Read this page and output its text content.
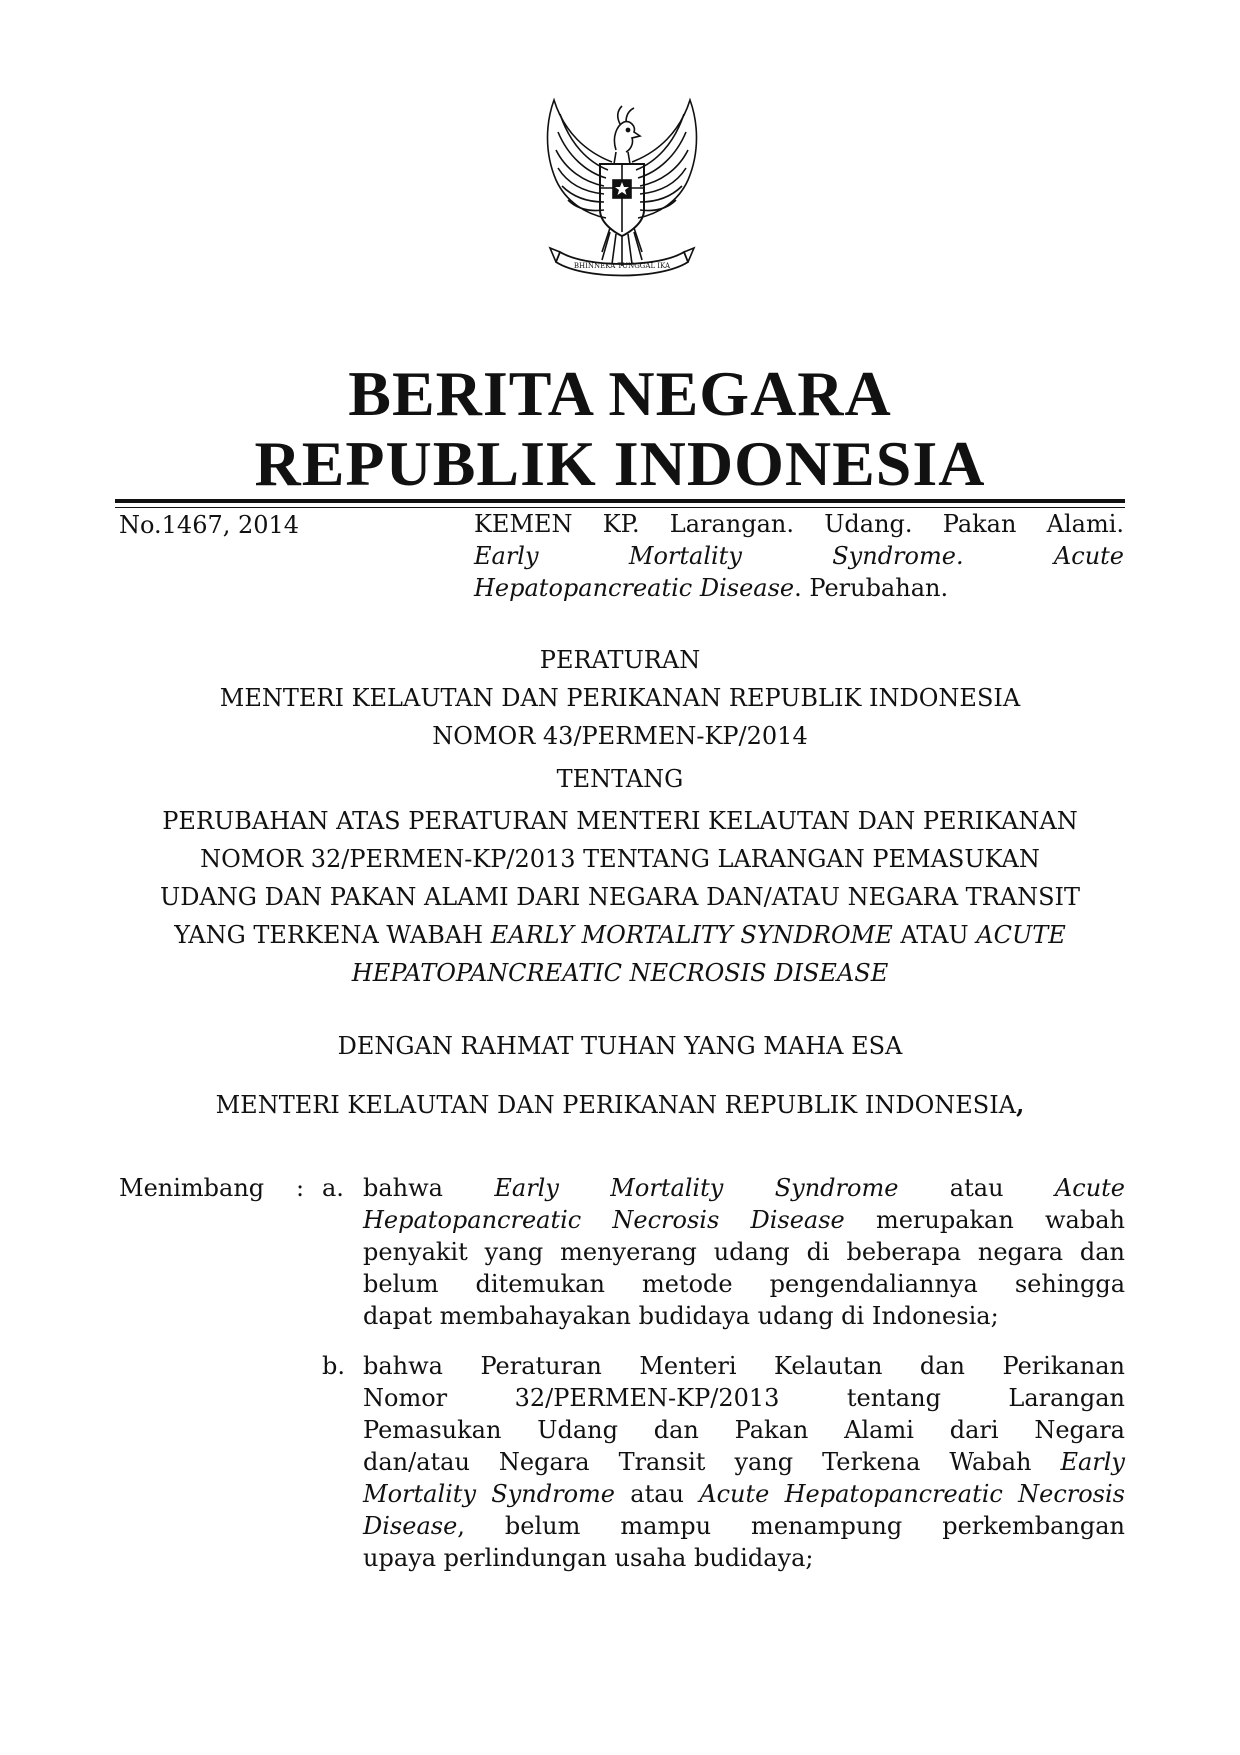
BHINNEKA TUNGGAL IKA
BERITA NEGARA
REPUBLIK INDONESIA
No.1467, 2014	KEMEN KP. Larangan. Udang. Pakan Alami.
Early Mortality Syndrome. Acute
Hepatopancreatic Disease. Perubahan.
PERATURAN
MENTERI KELAUTAN DAN PERIKANAN REPUBLIK INDONESIA
NOMOR 43/PERMEN-KP/2014
TENTANG
PERUBAHAN ATAS PERATURAN MENTERI KELAUTAN DAN PERIKANAN
NOMOR 32/PERMEN-KP/2013 TENTANG LARANGAN PEMASUKAN
UDANG DAN PAKAN ALAMI DARI NEGARA DAN/ATAU NEGARA TRANSIT
YANG TERKENA WABAH EARLY MORTALITY SYNDROME ATAU ACUTE
HEPATOPANCREATIC NECROSIS DISEASE
DENGAN RAHMAT TUHAN YANG MAHA ESA
MENTERI KELAUTAN DAN PERIKANAN REPUBLIK INDONESIA,
Menimbang : a. bahwa Early Mortality Syndrome atau Acute
Hepatopancreatic Necrosis Disease merupakan wabah
penyakit yang menyerang udang di beberapa negara dan
belum ditemukan metode pengendaliannya sehingga
dapat membahayakan budidaya udang di Indonesia;
b. bahwa Peraturan Menteri Kelautan dan Perikanan
Nomor 32/PERMEN-KP/2013 tentang Larangan
Pemasukan Udang dan Pakan Alami dari Negara
dan/atau Negara Transit yang Terkena Wabah Early
Mortality Syndrome atau Acute Hepatopancreatic Necrosis
Disease, belum mampu menampung perkembangan
upaya perlindungan usaha budidaya;
